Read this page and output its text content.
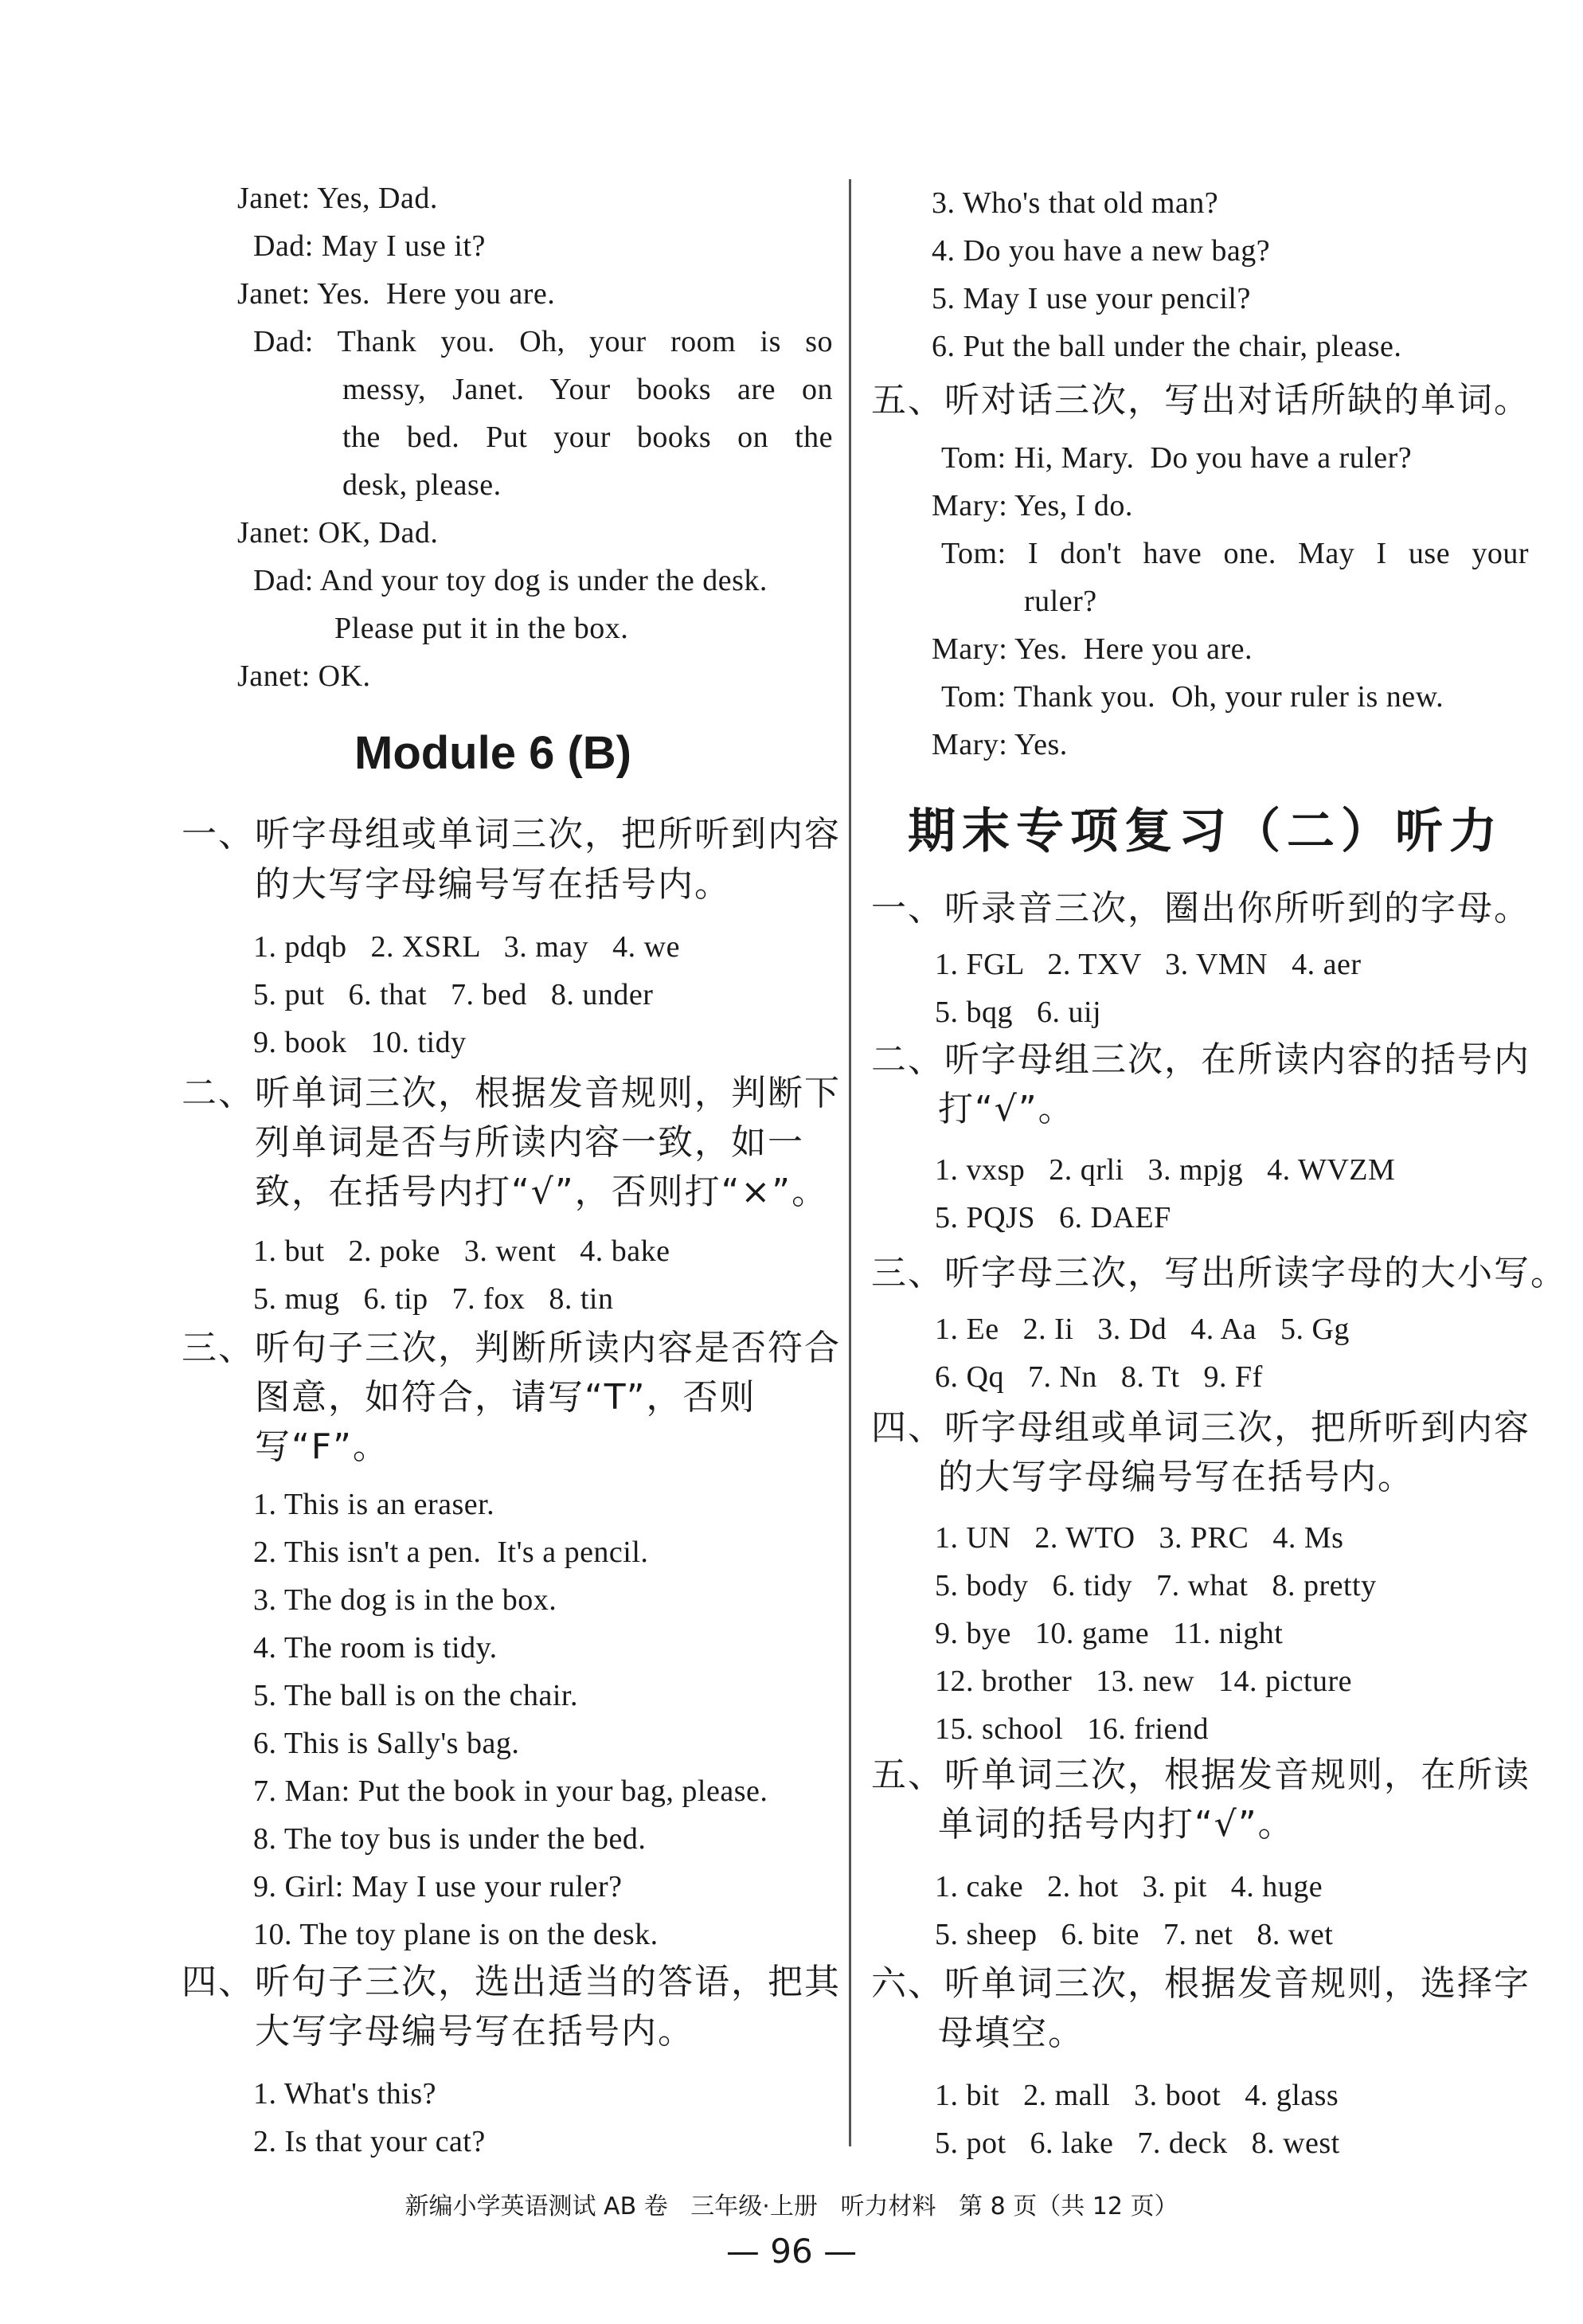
Janet: Yes, Dad.
Dad: May I use it?
Janet: Yes.  Here you are.
Dad: Thank you. Oh, your room is so
messy, Janet. Your books are on
the bed. Put your books on the
desk, please.
Janet: OK, Dad.
Dad: And your toy dog is under the desk.
Please put it in the box.
Janet: OK.
Module 6 (B)
一、听字母组或单词三次，把所听到内容
的大写字母编号写在括号内。
1. pdqb   2. XSRL   3. may   4. we
5. put   6. that   7. bed   8. under
9. book   10. tidy
二、听单词三次，根据发音规则，判断下
列单词是否与所读内容一致，如一
致，在括号内打“√”，否则打“×”。
1. but   2. poke   3. went   4. bake
5. mug   6. tip   7. fox   8. tin
三、听句子三次，判断所读内容是否符合
图意，如符合，请写“T”，否则
写“F”。
1. This is an eraser.
2. This isn't a pen.  It's a pencil.
3. The dog is in the box.
4. The room is tidy.
5. The ball is on the chair.
6. This is Sally's bag.
7. Man: Put the book in your bag, please.
8. The toy bus is under the bed.
9. Girl: May I use your ruler?
10. The toy plane is on the desk.
四、听句子三次，选出适当的答语，把其
大写字母编号写在括号内。
1. What's this?
2. Is that your cat?
3. Who's that old man?
4. Do you have a new bag?
5. May I use your pencil?
6. Put the ball under the chair, please.
五、听对话三次，写出对话所缺的单词。
Tom: Hi, Mary.  Do you have a ruler?
Mary: Yes, I do.
Tom: I don't have one. May I use your
ruler?
Mary: Yes.  Here you are.
Tom: Thank you.  Oh, your ruler is new.
Mary: Yes.
期末专项复习（二）听力
一、听录音三次，圈出你所听到的字母。
1. FGL   2. TXV   3. VMN   4. aer
5. bqg   6. uij
二、听字母组三次，在所读内容的括号内
打“√”。
1. vxsp   2. qrli   3. mpjg   4. WVZM
5. PQJS   6. DAEF
三、听字母三次，写出所读字母的大小写。
1. Ee   2. Ii   3. Dd   4. Aa   5. Gg
6. Qq   7. Nn   8. Tt   9. Ff
四、听字母组或单词三次，把所听到内容
的大写字母编号写在括号内。
1. UN   2. WTO   3. PRC   4. Ms
5. body   6. tidy   7. what   8. pretty
9. bye   10. game   11. night
12. brother   13. new   14. picture
15. school   16. friend
五、听单词三次，根据发音规则，在所读
单词的括号内打“√”。
1. cake   2. hot   3. pit   4. huge
5. sheep   6. bite   7. net   8. wet
六、听单词三次，根据发音规则，选择字
母填空。
1. bit   2. mall   3. boot   4. glass
5. pot   6. lake   7. deck   8. west
新编小学英语测试 AB 卷   三年级·上册   听力材料   第 8 页（共 12 页）
— 96 —
